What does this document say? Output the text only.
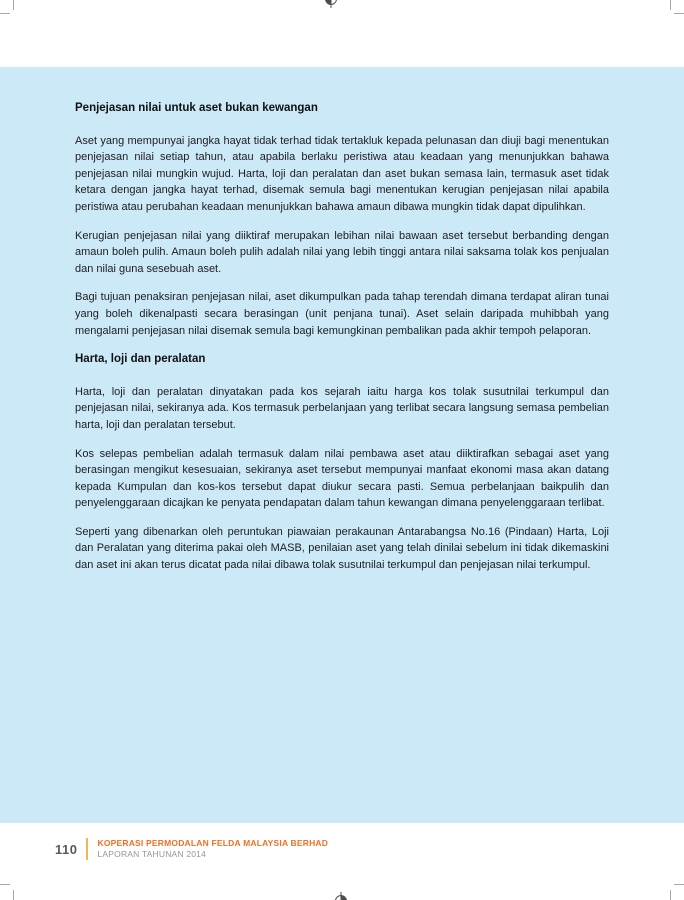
Penjejasan nilai untuk aset bukan kewangan

Aset yang mempunyai jangka hayat tidak terhad tidak tertakluk kepada pelunasan dan diuji bagi menentukan penjejasan nilai setiap tahun, atau apabila berlaku peristiwa atau keadaan yang menunjukkan bahawa penjejasan nilai mungkin wujud. Harta, loji dan peralatan dan aset bukan semasa lain, termasuk aset tidak ketara dengan jangka hayat terhad, disemak semula bagi menentukan kerugian penjejasan nilai apabila peristiwa atau perubahan keadaan menunjukkan bahawa amaun dibawa mungkin tidak dapat dipulihkan.

Kerugian penjejasan nilai yang diiktiraf merupakan lebihan nilai bawaan aset tersebut berbanding dengan amaun boleh pulih. Amaun boleh pulih adalah nilai yang lebih tinggi antara nilai saksama tolak kos penjualan dan nilai guna sesebuah aset.

Bagi tujuan penaksiran penjejasan nilai, aset dikumpulkan pada tahap terendah dimana terdapat aliran tunai yang boleh dikenalpasti secara berasingan (unit penjana tunai). Aset selain daripada muhibbah yang mengalami penjejasan nilai disemak semula bagi kemungkinan pembalikan pada akhir tempoh pelaporan.

Harta, loji dan peralatan

Harta, loji dan peralatan dinyatakan pada kos sejarah iaitu harga kos tolak susutnilai terkumpul dan penjejasan nilai, sekiranya ada. Kos termasuk perbelanjaan yang terlibat secara langsung semasa pembelian harta, loji dan peralatan tersebut.

Kos selepas pembelian adalah termasuk dalam nilai pembawa aset atau diiktirafkan sebagai aset yang berasingan mengikut kesesuaian, sekiranya aset tersebut mempunyai manfaat ekonomi masa akan datang kepada Kumpulan dan kos-kos tersebut dapat diukur secara pasti. Semua perbelanjaan baikpulih dan penyelenggaraan dicajkan ke penyata pendapatan dalam tahun kewangan dimana penyelenggaraan terlibat.

Seperti yang dibenarkan oleh peruntukan piawaian perakaunan Antarabangsa No.16 (Pindaan) Harta, Loji dan Peralatan yang diterima pakai oleh MASB, penilaian aset yang telah dinilai sebelum ini tidak dikemaskini dan aset ini akan terus dicatat pada nilai dibawa tolak susutnilai terkumpul dan penjejasan nilai terkumpul.

110 KOPERASI PERMODALAN FELDA MALAYSIA BERHAD
LAPORAN TAHUNAN 2014
